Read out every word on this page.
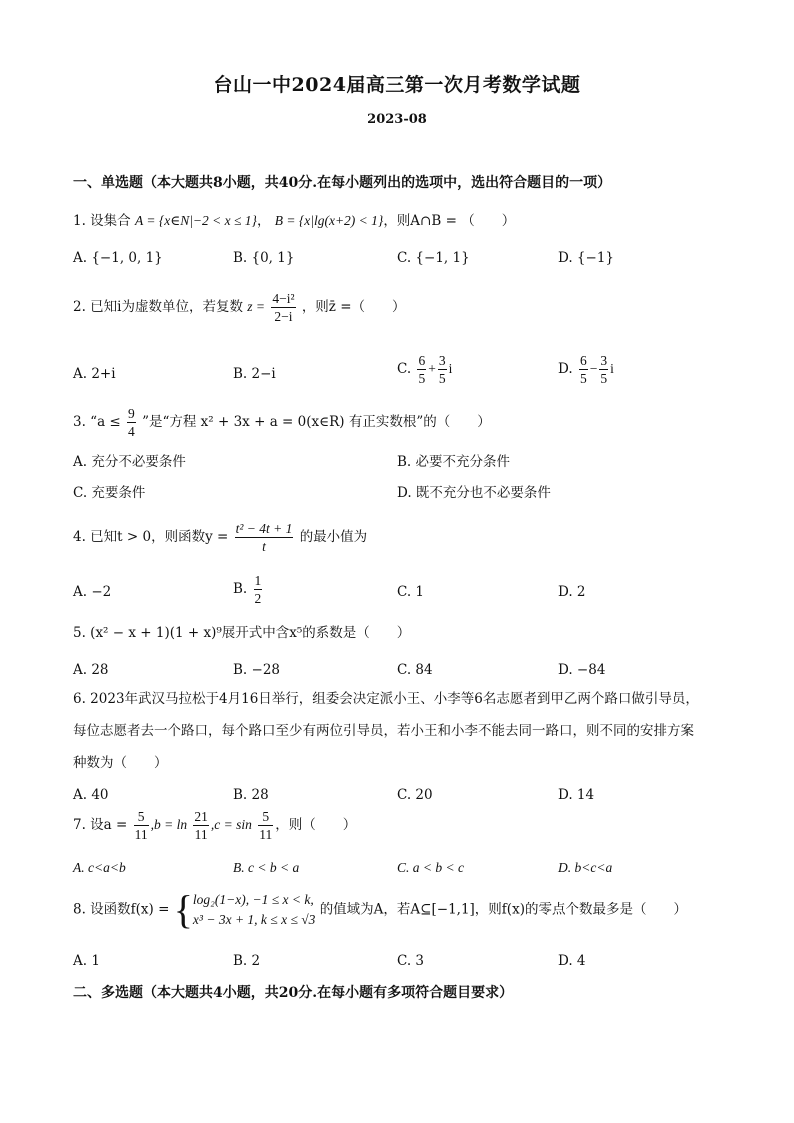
台山一中2024届高三第一次月考数学试题
2023-08
一、单选题（本大题共8小题，共40分.在每小题列出的选项中，选出符合题目的一项）
1. 设集合 A = {x∈N|−2 < x ≤ 1}， B = {x|lg(x+2) < 1}，则A∩B = （　　）
A. {−1, 0, 1}	B. {0, 1}	C. {−1, 1}	D. {−1}
2. 已知i为虚数单位，若复数 $z = \frac{\text{4−i²}}{2-i}$ ，则z̄ =（　　）
A. 2+i	B. 2−i	C. $\frac{6}{5} + \frac{3}{5}$ i	D. $\frac{6}{5} - \frac{3}{5}$ i
3. “$a \le \frac{9}{4}$ ”是“方程 x² + 3x + a = 0(x∈R) 有正实数根”的（　　）
A. 充分不必要条件	B. 必要不充分条件
C. 充要条件	D. 既不充分也不必要条件
4. 已知t > 0，则函数$y = \frac{\text{t² − 4t + 1}}{t}$ 的最小值为
A. −2	B. $\frac{1}{2}$	C. 1	D. 2
5. (x² − x + 1)(1 + x)⁹展开式中含x⁵的系数是（　　）
A. 28	B. −28	C. 84	D. −84
6. 2023年武汉马拉松于4月16日举行，组委会决定派小王、小李等6名志愿者到甲乙两个路口做引导员，
每位志愿者去一个路口，每个路口至少有两位引导员，若小王和小李不能去同一路口，则不同的安排方案
种数为（　　）
A. 40	B. 28	C. 20	D. 14
7. 设$a = \frac{5}{11} ,b = \ln \frac{21}{11} ,c = \sin \frac{5}{11}$ ，则（　　）
A. c<a<b	B. c < b < a	C. a < b < c	D. b<c<a
8. 设函数f(x) = { log₂(1−x), −1 ≤ x < k,
x³ − 3x + 1, k ≤ x ≤ √3
的值域为A，若A⊆[−1,1]，则f(x)的零点个数最多是（　　）
A. 1	B. 2	C. 3	D. 4
二、多选题（本大题共4小题，共20分.在每小题有多项符合题目要求）
